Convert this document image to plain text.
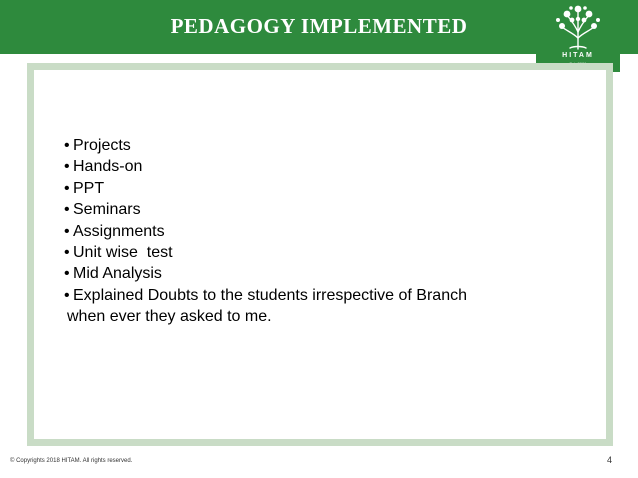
PEDAGOGY IMPLEMENTED
HITAM
• Projects
• Hands-on
• PPT
• Seminars
• Assignments
• Unit wise  test
• Mid Analysis
• Explained Doubts to the students irrespective of Branch
when ever they asked to me.
© Copyrights 2018 HITAM. All rights reserved.	4
